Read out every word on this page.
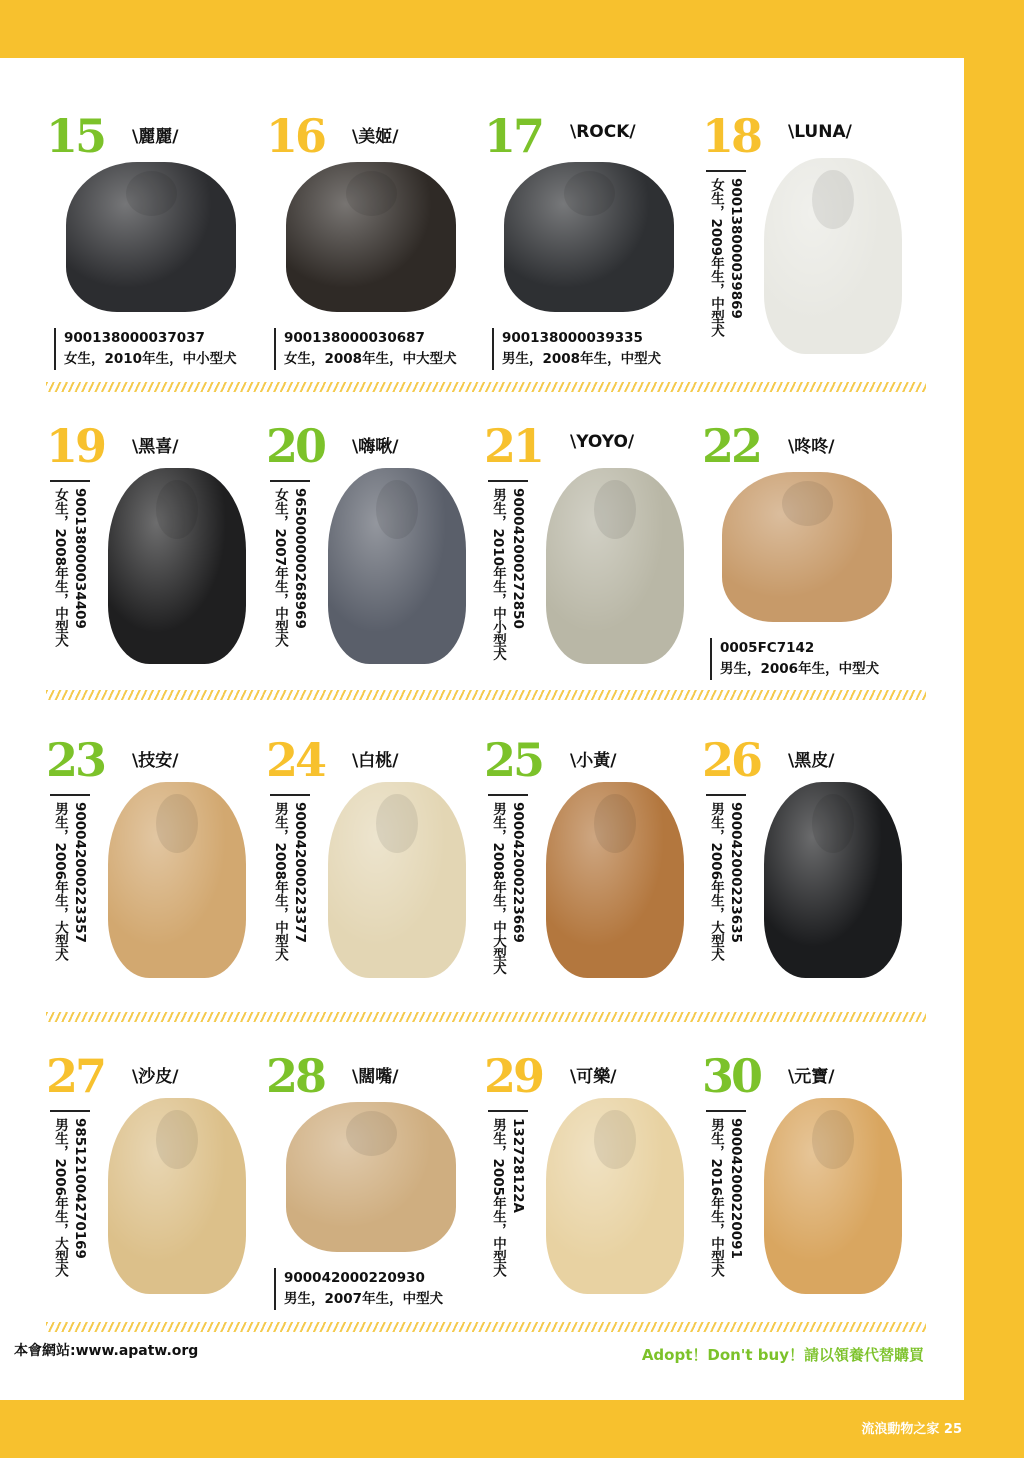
15 \麗麗/
900138000037037
女生，2010年生，中小型犬
16 \美姬/
900138000030687
女生，2008年生，中大型犬
17 \ROCK/
900138000039335
男生，2008年生，中型犬
18 \LUNA/
900138000039869
女生，2009年生，中型犬
19 \黑喜/
900138000034409
女生，2008年生，中型犬
20 \嗨啾/
965000000268969
女生，2007年生，中型犬
21 \YOYO/
900042000272850
男生，2010年生，中小型犬
22 \咚咚/
0005FC7142
男生，2006年生，中型犬
23 \技安/
900042000223357
男生，2006年生，大型犬
24 \白桃/
900042000223377
男生，2008年生，中型犬
25 \小黃/
900042000223669
男生，2008年生，中大型犬
26 \黑皮/
900042000223635
男生，2006年生，大型犬
27 \沙皮/
985121004270169
男生，2006年生，大型犬
28 \闊嘴/
900042000220930
男生，2007年生，中型犬
29 \可樂/
132728122A
男生，2005年生，中型犬
30 \元寶/
900042000220091
男生，2016年生，中型犬
本會網站:www.apatw.org	Adopt！Don't buy！請以領養代替購買
流浪動物之家 25
